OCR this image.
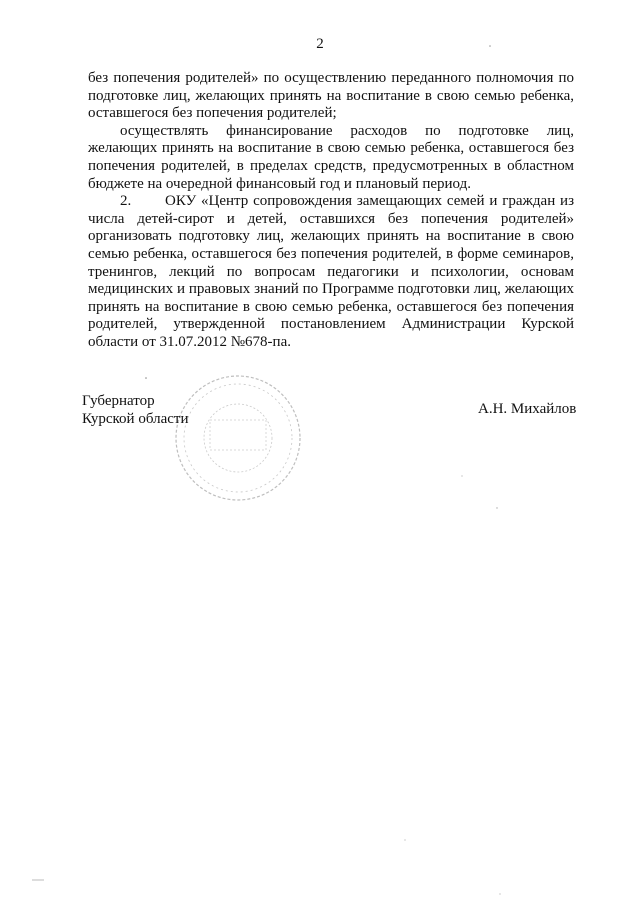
2

без попечения родителей» по осуществлению переданного полномочия по подготовке лиц, желающих принять на воспитание в свою семью ребенка, оставшегося без попечения родителей;

осуществлять финансирование расходов по подготовке лиц, желающих принять на воспитание в свою семью ребенка, оставшегося без попечения родителей, в пределах средств, предусмотренных в областном бюджете на очередной финансовый год и плановый период.

2.       ОКУ «Центр сопровождения замещающих семей и граждан из числа детей-сирот и детей, оставшихся без попечения родителей» организовать подготовку лиц, желающих принять на воспитание в свою семью ребенка, оставшегося без попечения родителей, в форме семинаров, тренингов, лекций по вопросам педагогики и психологии, основам медицинских и правовых знаний по Программе подготовки лиц, желающих принять на воспитание в свою семью ребенка, оставшегося без попечения родителей, утвержденной постановлением Администрации Курской области от 31.07.2012 №678-па.

Губернатор
Курской области
А.Н. Михайлов
